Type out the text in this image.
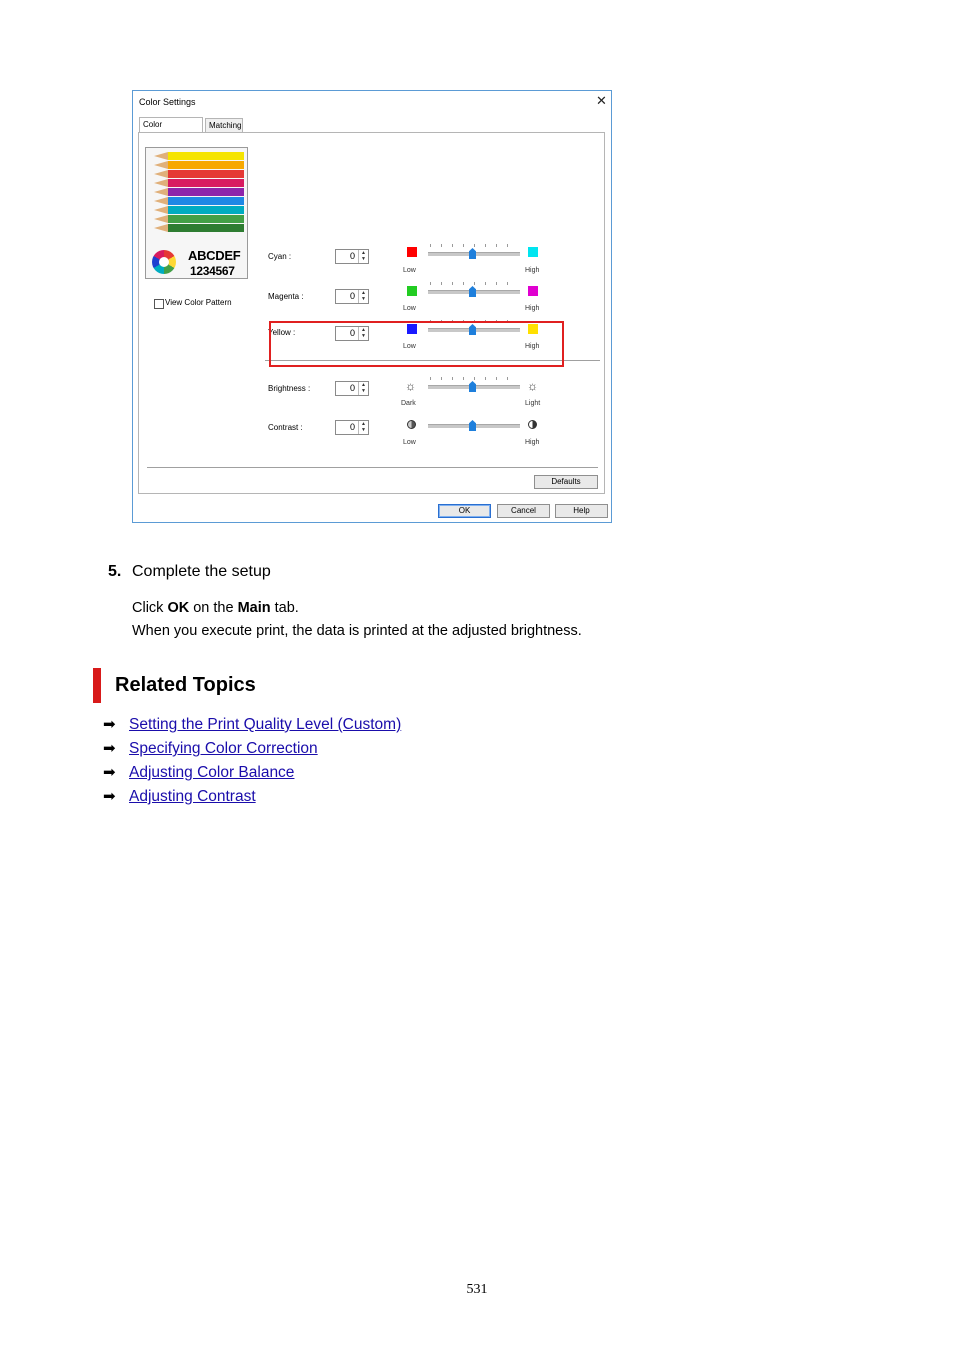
Color Settings	✕
Color	Matching
ABCDEF
1234567
View Color Pattern
Cyan :	0	▲
▼
Low	High
Magenta :	0	▲
▼
Low	High
Yellow :	0	▲
▼
Low	High
Brightness :	0	▲
▼	☼	☼
Dark	Light
Contrast :	0	▲
▼
Low	High
Defaults
OK	Cancel	Help
5. Complete the setup
Click OK on the Main tab.
When you execute print, the data is printed at the adjusted brightness.
Related Topics
➡ Setting the Print Quality Level (Custom)
➡ Specifying Color Correction
➡ Adjusting Color Balance
➡ Adjusting Contrast
531
